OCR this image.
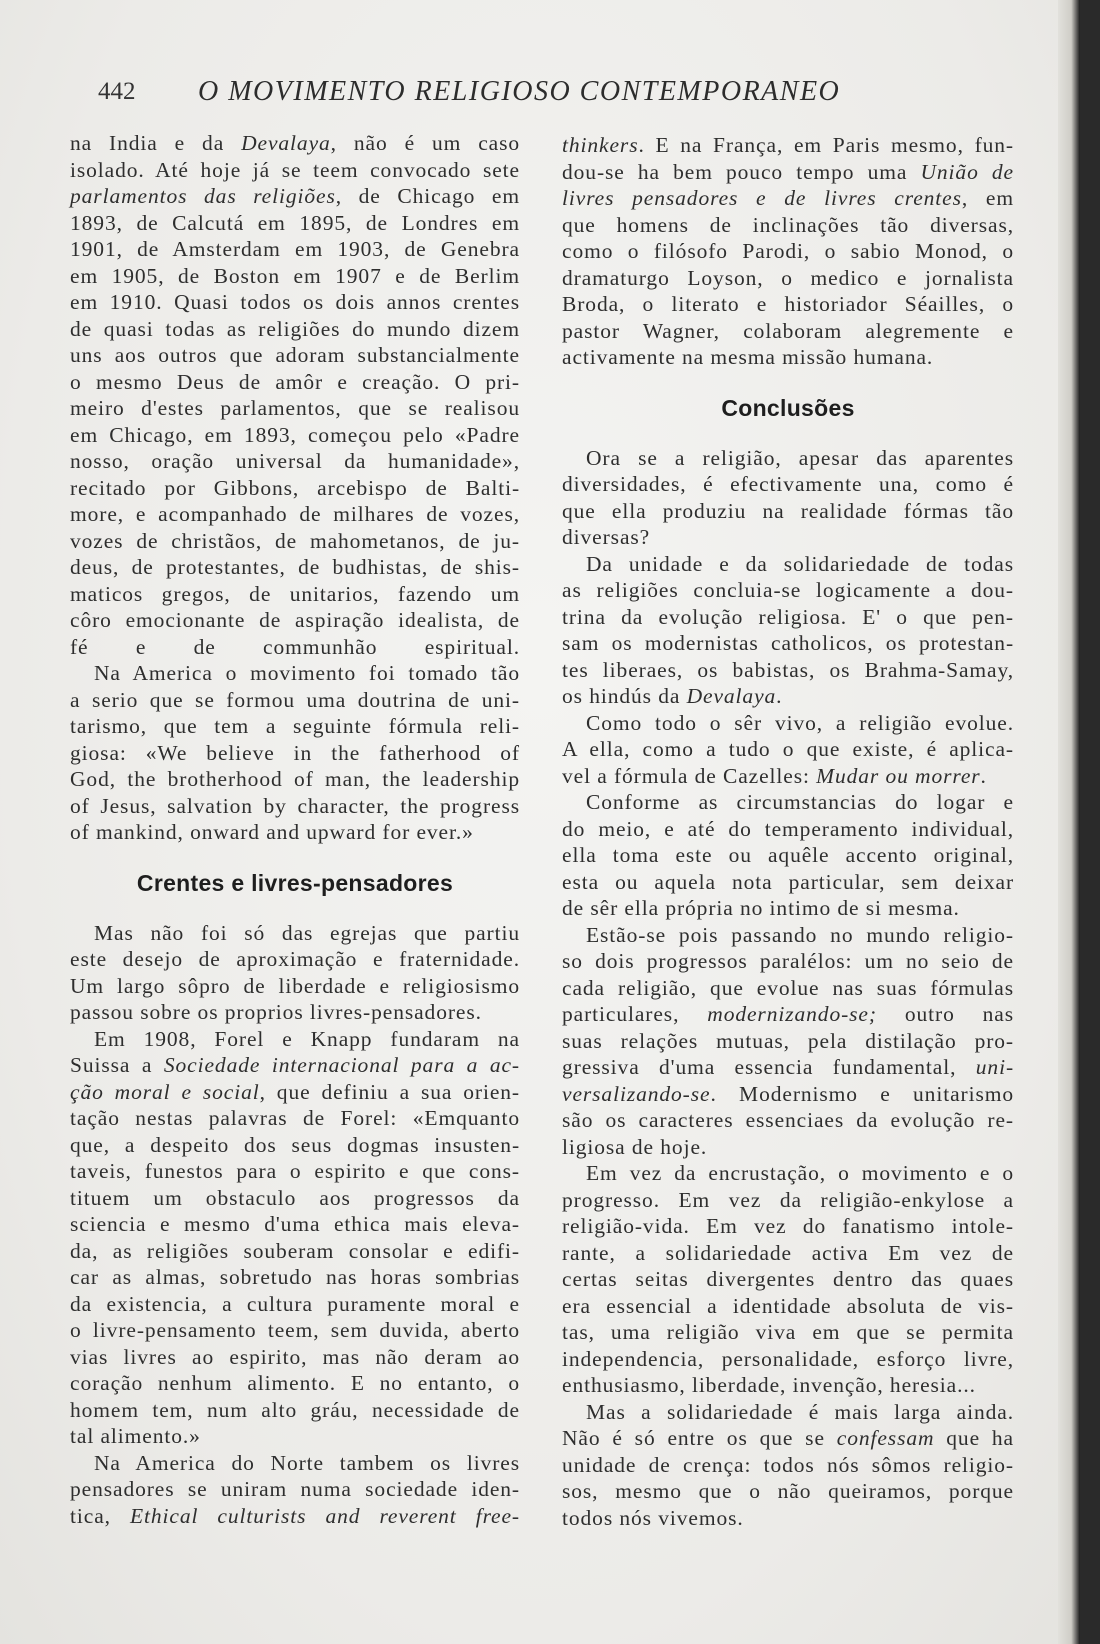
442 O MOVIMENTO RELIGIOSO CONTEMPORANEO
na India e da Devalaya, não é um caso
isolado. Até hoje já se teem convocado sete
parlamentos das religiões, de Chicago em
1893, de Calcutá em 1895, de Londres em
1901, de Amsterdam em 1903, de Genebra
em 1905, de Boston em 1907 e de Berlim
em 1910. Quasi todos os dois annos crentes
de quasi todas as religiões do mundo dizem
uns aos outros que adoram substancialmente
o mesmo Deus de amôr e creação. O pri-
meiro d'estes parlamentos, que se realisou
em Chicago, em 1893, começou pelo «Padre
nosso, oração universal da humanidade»,
recitado por Gibbons, arcebispo de Balti-
more, e acompanhado de milhares de vozes,
vozes de christãos, de mahometanos, de ju-
deus, de protestantes, de budhistas, de shis-
maticos gregos, de unitarios, fazendo um
côro emocionante de aspiração idealista, de
fé e de communhão espiritual.
Na America o movimento foi tomado tão
a serio que se formou uma doutrina de uni-
tarismo, que tem a seguinte fórmula reli-
giosa: «We believe in the fatherhood of
God, the brotherhood of man, the leadership
of Jesus, salvation by character, the progress
of mankind, onward and upward for ever.»
Crentes e livres-pensadores
Mas não foi só das egrejas que partiu
este desejo de aproximação e fraternidade.
Um largo sôpro de liberdade e religiosismo
passou sobre os proprios livres-pensadores.
Em 1908, Forel e Knapp fundaram na
Suissa a Sociedade internacional para a ac-
ção moral e social, que definiu a sua orien-
tação nestas palavras de Forel: «Emquanto
que, a despeito dos seus dogmas insusten-
taveis, funestos para o espirito e que cons-
tituem um obstaculo aos progressos da
sciencia e mesmo d'uma ethica mais eleva-
da, as religiões souberam consolar e edifi-
car as almas, sobretudo nas horas sombrias
da existencia, a cultura puramente moral e
o livre-pensamento teem, sem duvida, aberto
vias livres ao espirito, mas não deram ao
coração nenhum alimento. E no entanto, o
homem tem, num alto gráu, necessidade de
tal alimento.»
Na America do Norte tambem os livres
pensadores se uniram numa sociedade iden-
tica, Ethical culturists and reverent free-
thinkers. E na França, em Paris mesmo, fun-
dou-se ha bem pouco tempo uma União de
livres pensadores e de livres crentes, em
que homens de inclinações tão diversas,
como o filósofo Parodi, o sabio Monod, o
dramaturgo Loyson, o medico e jornalista
Broda, o literato e historiador Séailles, o
pastor Wagner, colaboram alegremente e
activamente na mesma missão humana.
Conclusões
Ora se a religião, apesar das aparentes
diversidades, é efectivamente una, como é
que ella produziu na realidade fórmas tão
diversas?
Da unidade e da solidariedade de todas
as religiões concluia-se logicamente a dou-
trina da evolução religiosa. E' o que pen-
sam os modernistas catholicos, os protestan-
tes liberaes, os babistas, os Brahma-Samay,
os hindús da Devalaya.
Como todo o sêr vivo, a religião evolue.
A ella, como a tudo o que existe, é aplica-
vel a fórmula de Cazelles: Mudar ou morrer.
Conforme as circumstancias do logar e
do meio, e até do temperamento individual,
ella toma este ou aquêle accento original,
esta ou aquela nota particular, sem deixar
de sêr ella própria no intimo de si mesma.
Estão-se pois passando no mundo religio-
so dois progressos paralélos: um no seio de
cada religião, que evolue nas suas fórmulas
particulares, modernizando-se; outro nas
suas relações mutuas, pela distilação pro-
gressiva d'uma essencia fundamental, uni-
versalizando-se. Modernismo e unitarismo
são os caracteres essenciaes da evolução re-
ligiosa de hoje.
Em vez da encrustação, o movimento e o
progresso. Em vez da religião-enkylose a
religião-vida. Em vez do fanatismo intole-
rante, a solidariedade activa Em vez de
certas seitas divergentes dentro das quaes
era essencial a identidade absoluta de vis-
tas, uma religião viva em que se permita
independencia, personalidade, esforço livre,
enthusiasmo, liberdade, invenção, heresia...
Mas a solidariedade é mais larga ainda.
Não é só entre os que se confessam que ha
unidade de crença: todos nós sômos religio-
sos, mesmo que o não queiramos, porque
todos nós vivemos.
